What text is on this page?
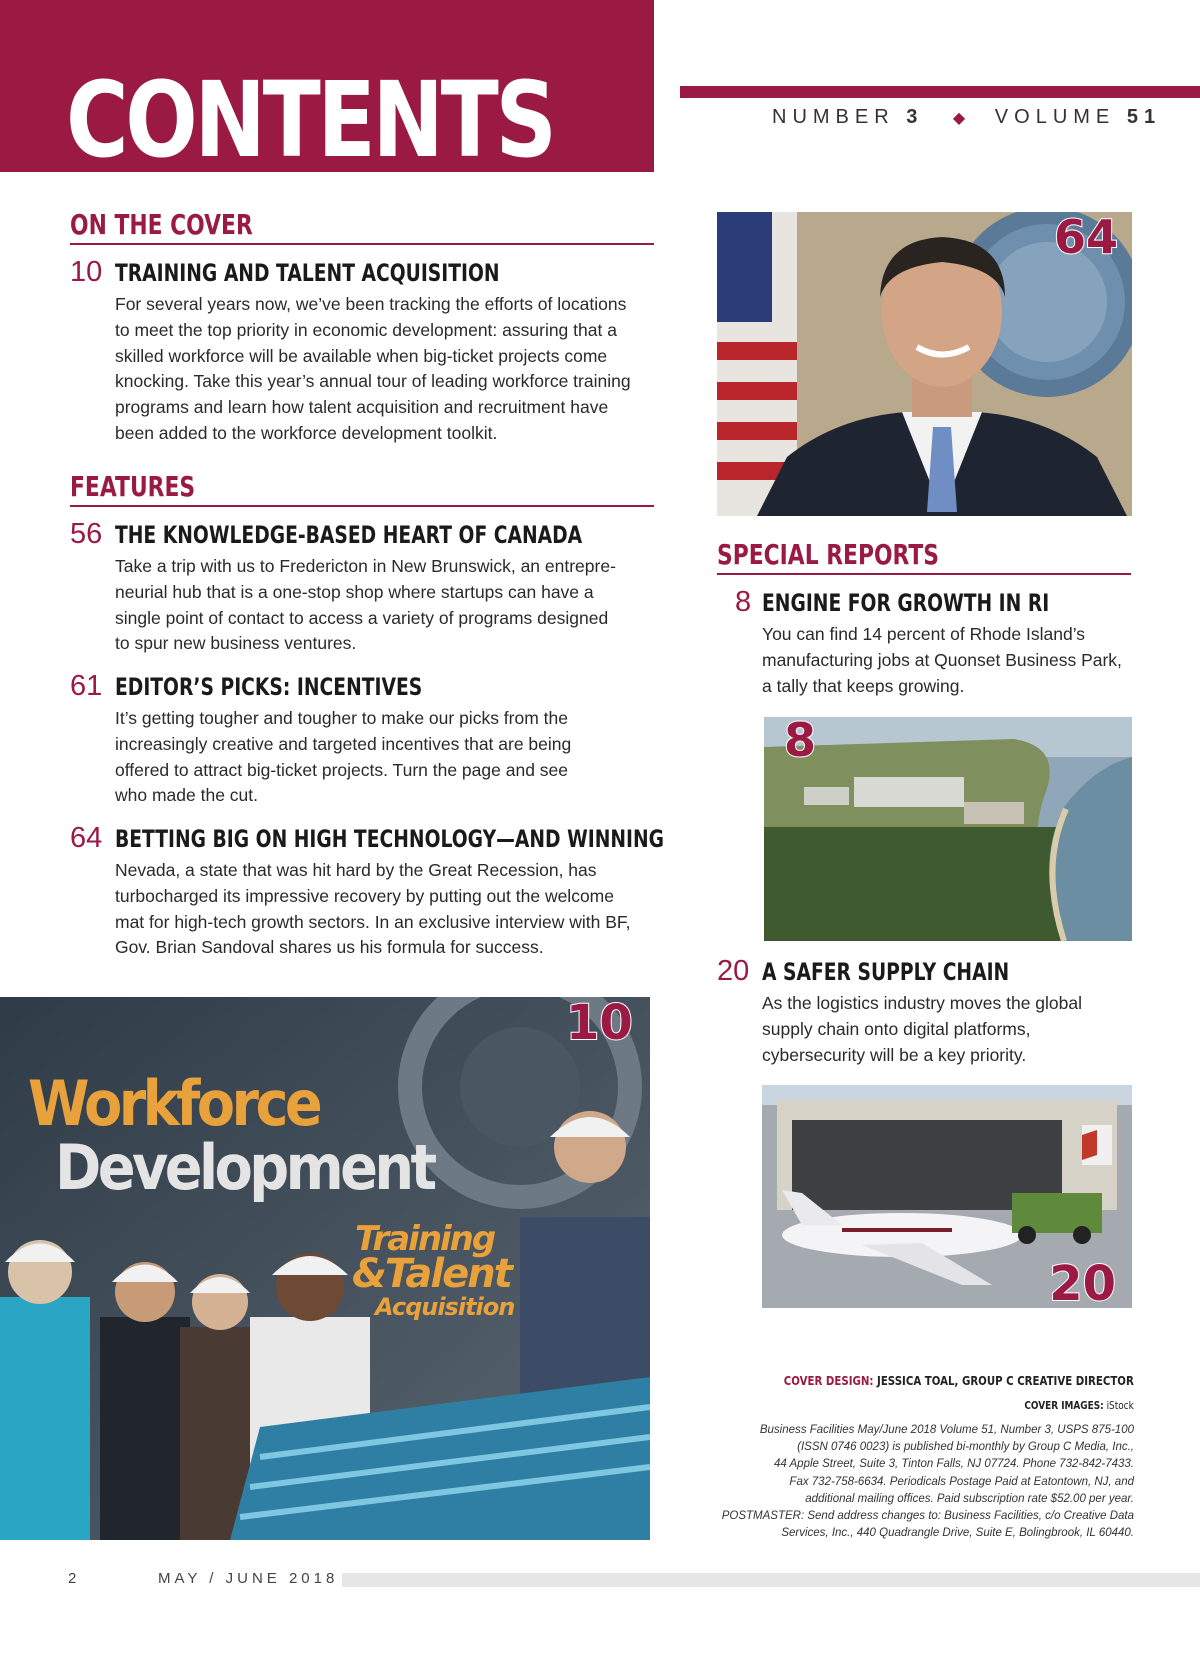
CONTENTS	NUMBER 3 ◆ VOLUME 51
ON THE COVER
10 TRAINING AND TALENT ACQUISITION
For several years now, we’ve been tracking the efforts of locations
to meet the top priority in economic development: assuring that a
skilled workforce will be available when big-ticket projects come
knocking. Take this year’s annual tour of leading workforce training
programs and learn how talent acquisition and recruitment have
been added to the workforce development toolkit.
FEATURES
56 THE KNOWLEDGE-BASED HEART OF CANADA
Take a trip with us to Fredericton in New Brunswick, an entrepre-
neurial hub that is a one-stop shop where startups can have a
single point of contact to access a variety of programs designed
to spur new business ventures.
61 EDITOR’S PICKS: INCENTIVES
It’s getting tougher and tougher to make our picks from the
increasingly creative and targeted incentives that are being
offered to attract big-ticket projects. Turn the page and see
who made the cut.
64 BETTING BIG ON HIGH TECHNOLOGY—AND WINNING
Nevada, a state that was hit hard by the Great Recession, has
turbocharged its impressive recovery by putting out the welcome
mat for high-tech growth sectors. In an exclusive interview with BF,
Gov. Brian Sandoval shares us his formula for success.
64
SPECIAL REPORTS
8 ENGINE FOR GROWTH IN RI
You can find 14 percent of Rhode Island’s
manufacturing jobs at Quonset Business Park,
a tally that keeps growing.
8
20 A SAFER SUPPLY CHAIN
As the logistics industry moves the global
supply chain onto digital platforms,
cybersecurity will be a key priority.
20
Workforce
Development
Training
&Talent
Acquisition
10
COVER DESIGN: JESSICA TOAL, GROUP C CREATIVE DIRECTOR
COVER IMAGES: iStock
Business Facilities May/June 2018 Volume 51, Number 3, USPS 875-100
(ISSN 0746 0023) is published bi-monthly by Group C Media, Inc.,
44 Apple Street, Suite 3, Tinton Falls, NJ 07724. Phone 732-842-7433.
Fax 732-758-6634. Periodicals Postage Paid at Eatontown, NJ, and
additional mailing offices. Paid subscription rate $52.00 per year.
POSTMASTER: Send address changes to: Business Facilities, c/o Creative Data
Services, Inc., 440 Quadrangle Drive, Suite E, Bolingbrook, IL 60440.
2	MAY / JUNE 2018
